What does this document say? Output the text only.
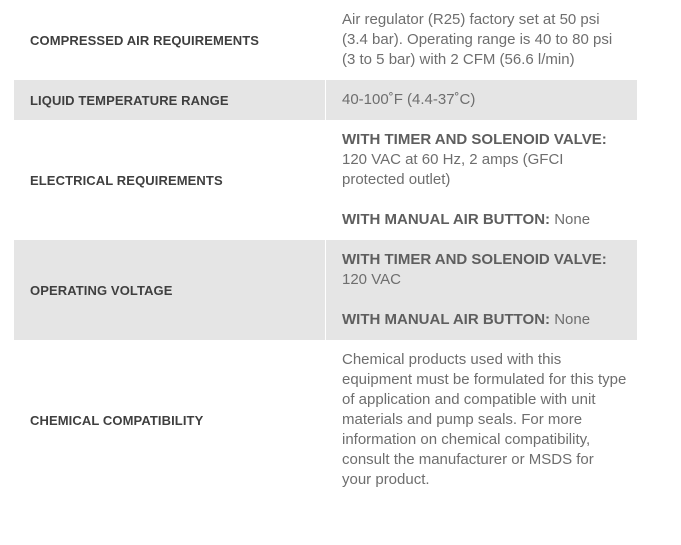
COMPRESSED AIR REQUIREMENTS

Air regulator (R25) factory set at 50 psi (3.4 bar). Operating range is 40 to 80 psi (3 to 5 bar) with 2 CFM (56.6 l/min)

LIQUID TEMPERATURE RANGE	40-100˚F (4.4-37˚C)

ELECTRICAL REQUIREMENTS

WITH TIMER AND SOLENOID VALVE: 120 VAC at 60 Hz, 2 amps (GFCI protected outlet)

WITH MANUAL AIR BUTTON: None

OPERATING VOLTAGE

WITH TIMER AND SOLENOID VALVE: 120 VAC

WITH MANUAL AIR BUTTON: None

CHEMICAL COMPATIBILITY

Chemical products used with this equipment must be formulated for this type of application and compatible with unit materials and pump seals. For more information on chemical compatibility, consult the manufacturer or MSDS for your product.
